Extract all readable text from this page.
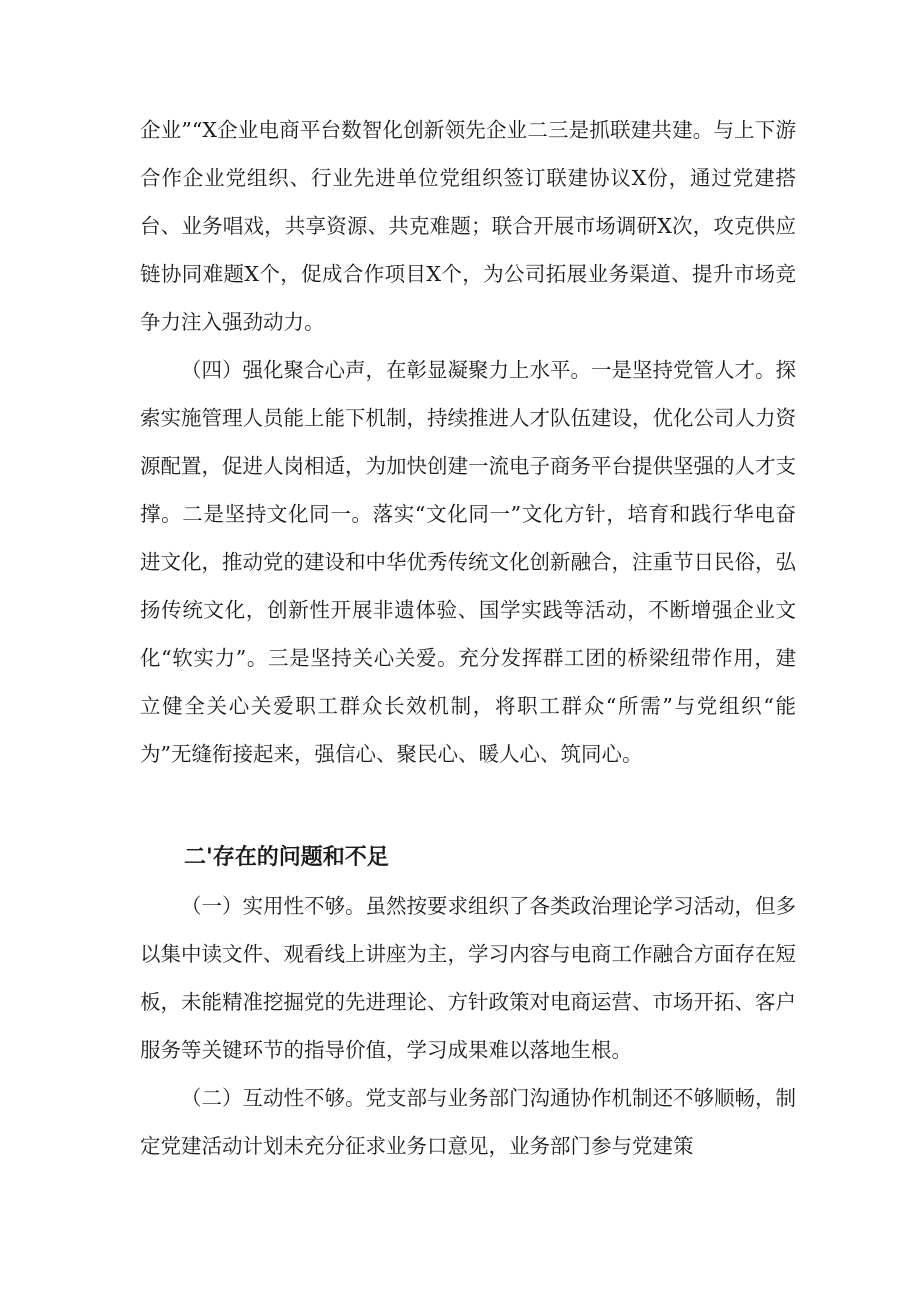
企业”“X企业电商平台数智化创新领先企业二三是抓联建共建。与上下游合作企业党组织、行业先进单位党组织签订联建协议X份，通过党建搭台、业务唱戏，共享资源、共克难题；联合开展市场调研X次，攻克供应链协同难题X个，促成合作项目X个，为公司拓展业务渠道、提升市场竞争力注入强劲动力。

（四）强化聚合心声，在彰显凝聚力上水平。一是坚持党管人才。探索实施管理人员能上能下机制，持续推进人才队伍建设，优化公司人力资源配置，促进人岗相适，为加快创建一流电子商务平台提供坚强的人才支撑。二是坚持文化同一。落实“文化同一”文化方针，培育和践行华电奋进文化，推动党的建设和中华优秀传统文化创新融合，注重节日民俗，弘扬传统文化，创新性开展非遗体验、国学实践等活动，不断增强企业文化“软实力”。三是坚持关心关爱。充分发挥群工团的桥梁纽带作用，建立健全关心关爱职工群众长效机制，将职工群众“所需”与党组织“能为”无缝衔接起来，强信心、聚民心、暖人心、筑同心。

二'存在的问题和不足

（一）实用性不够。虽然按要求组织了各类政治理论学习活动，但多以集中读文件、观看线上讲座为主，学习内容与电商工作融合方面存在短板，未能精准挖掘党的先进理论、方针政策对电商运营、市场开拓、客户服务等关键环节的指导价值，学习成果难以落地生根。

（二）互动性不够。党支部与业务部门沟通协作机制还不够顺畅，制定党建活动计划未充分征求业务口意见，业务部门参与党建策
